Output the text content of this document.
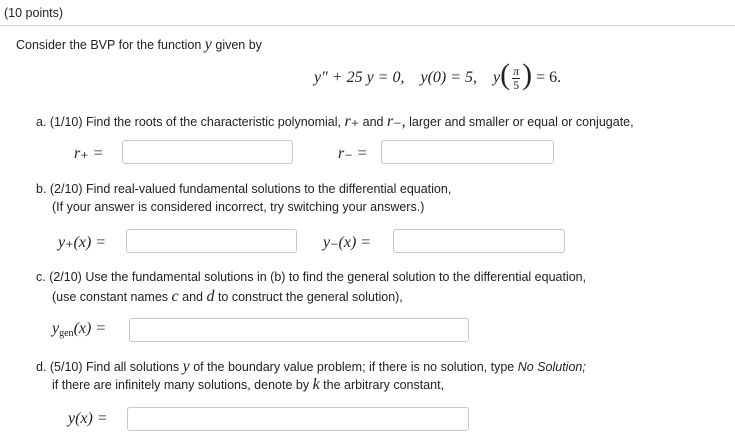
(10 points)
Consider the BVP for the function y given by
y″ + 25 y = 0, y(0) = 5, $y( \frac{\pi}{5}$ ) = 6.
a. (1/10) Find the roots of the characteristic polynomial, r₊ and r₋, larger and smaller or equal or conjugate,
r₊ =	r₋ =
b. (2/10) Find real-valued fundamental solutions to the differential equation,
(If your answer is considered incorrect, try switching your answers.)
y₊(x) =	y₋(x) =
c. (2/10) Use the fundamental solutions in (b) to find the general solution to the differential equation,
(use constant names c and d to construct the general solution),
$y_{gen}(x)$ =
d. (5/10) Find all solutions y of the boundary value problem; if there is no solution, type No Solution;
if there are infinitely many solutions, denote by k the arbitrary constant,
y(x) =
